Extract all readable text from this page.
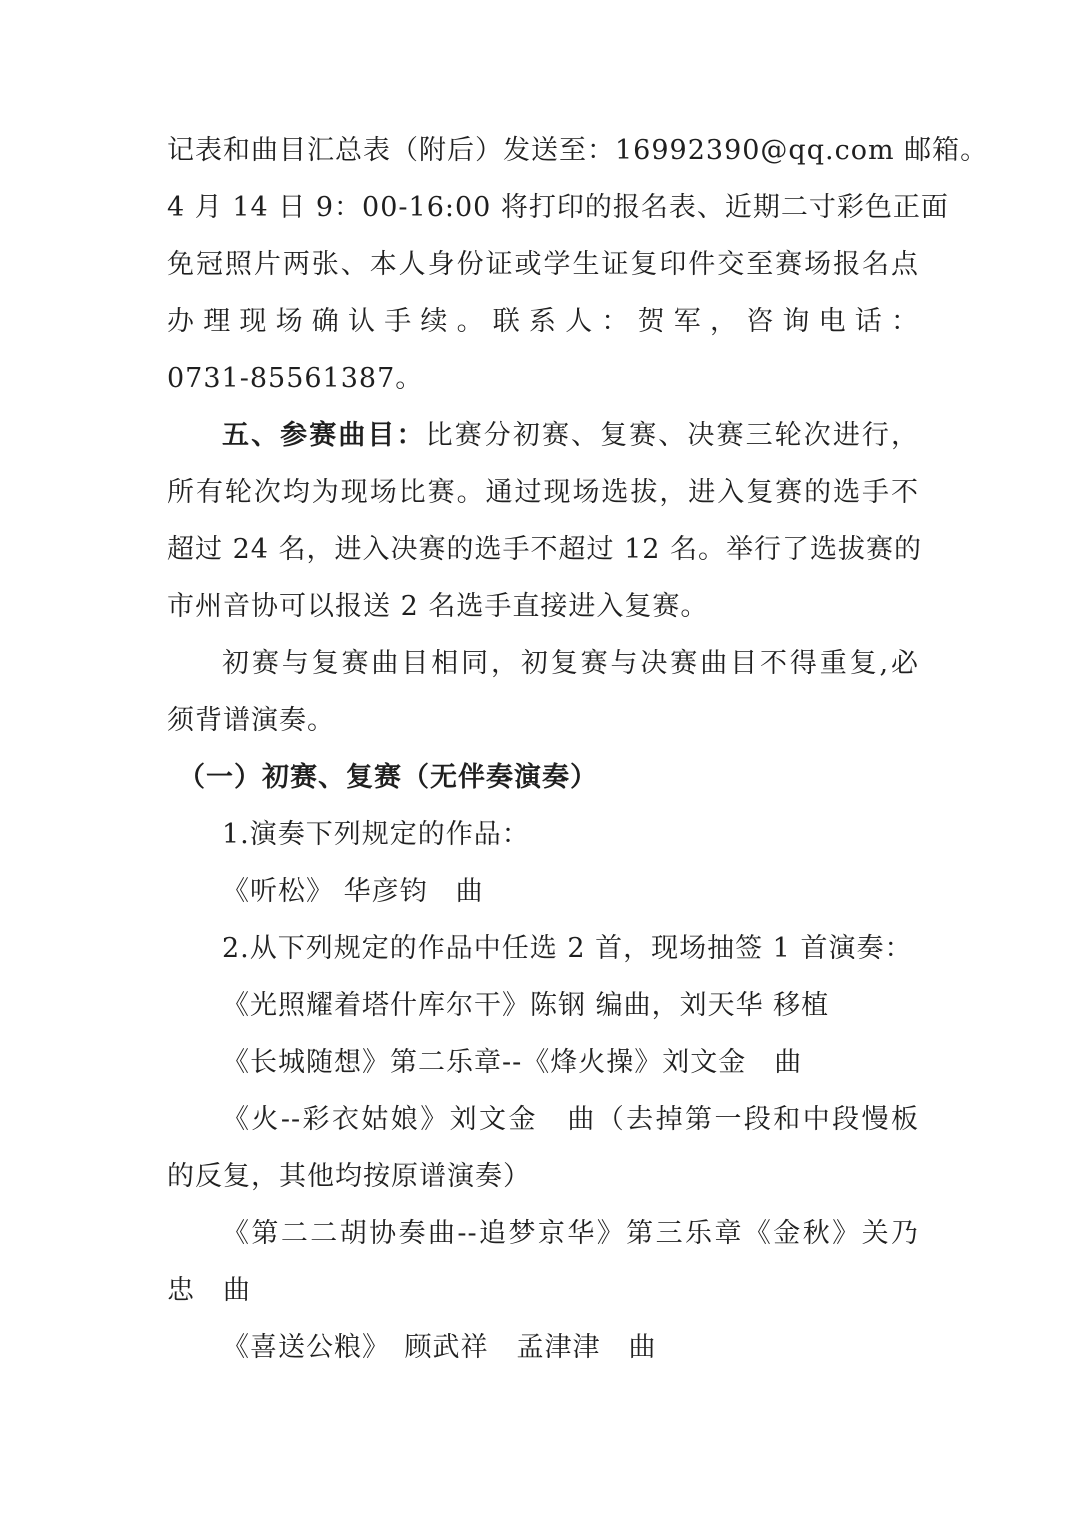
记表和曲目汇总表（附后）发送至：16992390@qq.com 邮箱。
4 月 14 日 9：00-16:00 将打印的报名表、近期二寸彩色正面
免冠照片两张、本人身份证或学生证复印件交至赛场报名点
办理现场确认手续。联系人：贺军，咨询电话：
0731-85561387。
五、参赛曲目：比赛分初赛、复赛、决赛三轮次进行，
所有轮次均为现场比赛。通过现场选拔，进入复赛的选手不
超过 24 名，进入决赛的选手不超过 12 名。举行了选拔赛的
市州音协可以报送 2 名选手直接进入复赛。
初赛与复赛曲目相同，初复赛与决赛曲目不得重复,必
须背谱演奏。
（一）初赛、复赛（无伴奏演奏）
1.演奏下列规定的作品：
《听松》 华彦钧　曲
2.从下列规定的作品中任选 2 首，现场抽签 1 首演奏：
《光照耀着塔什库尔干》陈钢 编曲，刘天华 移植
《长城随想》第二乐章--《烽火操》刘文金　曲
《火--彩衣姑娘》刘文金　曲（去掉第一段和中段慢板
的反复，其他均按原谱演奏）
《第二二胡协奏曲--追梦京华》第三乐章《金秋》关乃
忠　曲
《喜送公粮》　顾武祥　孟津津　曲
